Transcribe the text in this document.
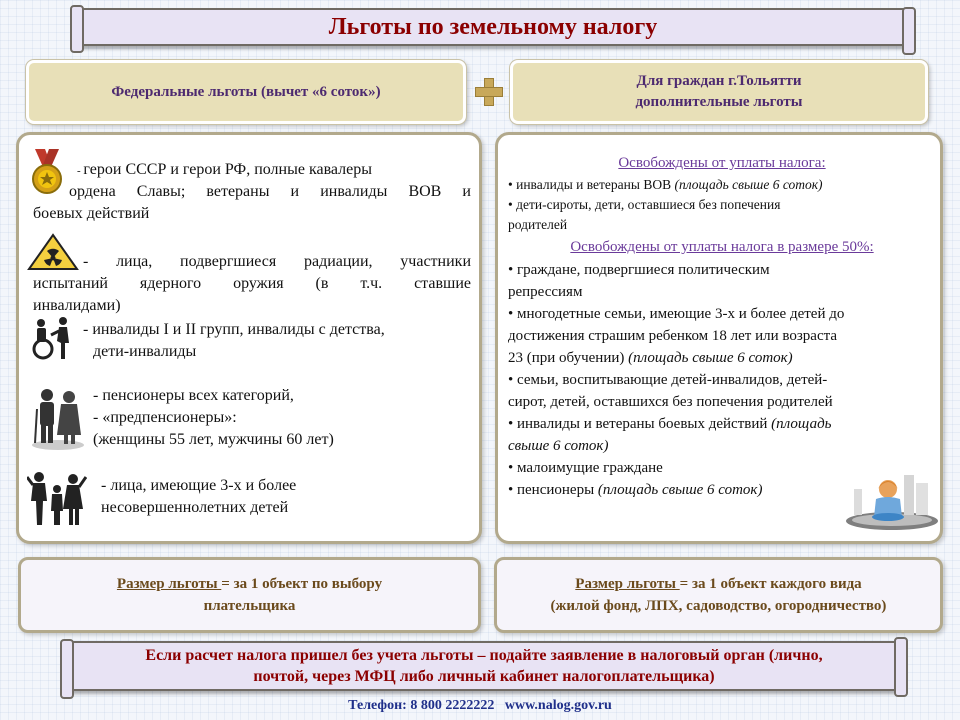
Льготы по земельному налогу
Федеральные льготы (вычет «6 соток»)
Для граждан г.Тольятти
дополнительные льготы
- герои СССР и герои РФ, полные кавалеры
ордена Славы; ветераны и инвалиды ВОВ и
боевых действий
- лица, подвергшиеся радиации, участники
испытаний ядерного оружия (в т.ч. ставшие
инвалидами)
- инвалиды I и II групп, инвалиды с детства,
дети-инвалиды
- пенсионеры всех категорий,
- «предпенсионеры»:
(женщины 55 лет, мужчины 60 лет)
- лица, имеющие 3-х и более
несовершеннолетних детей
Освобождены от уплаты налога:
• инвалиды и ветераны ВОВ (площадь свыше 6 соток)
• дети-сироты, дети, оставшиеся без попечения
родителей
Освобождены от уплаты налога в размере 50%:
• граждане, подвергшиеся политическим
репрессиям
• многодетные семьи, имеющие 3-х и более детей до
достижения страшим ребенком 18 лет или возраста
23 (при обучении) (площадь свыше 6 соток)
• семьи, воспитывающие детей-инвалидов, детей-
сирот, детей, оставшихся без попечения родителей
• инвалиды и ветераны боевых действий (площадь
свыше 6 соток)
• малоимущие граждане
• пенсионеры (площадь свыше 6 соток)
Размер льготы = за 1 объект по выбору
плательщика
Размер льготы = за 1 объект каждого вида
(жилой фонд, ЛПХ, садоводство, огородничество)
Если расчет налога пришел без учета льготы – подайте заявление в налоговый орган (лично,
почтой, через МФЦ либо личный кабинет налогоплательщика)
Телефон: 8 800 2222222 www.nalog.gov.ru
